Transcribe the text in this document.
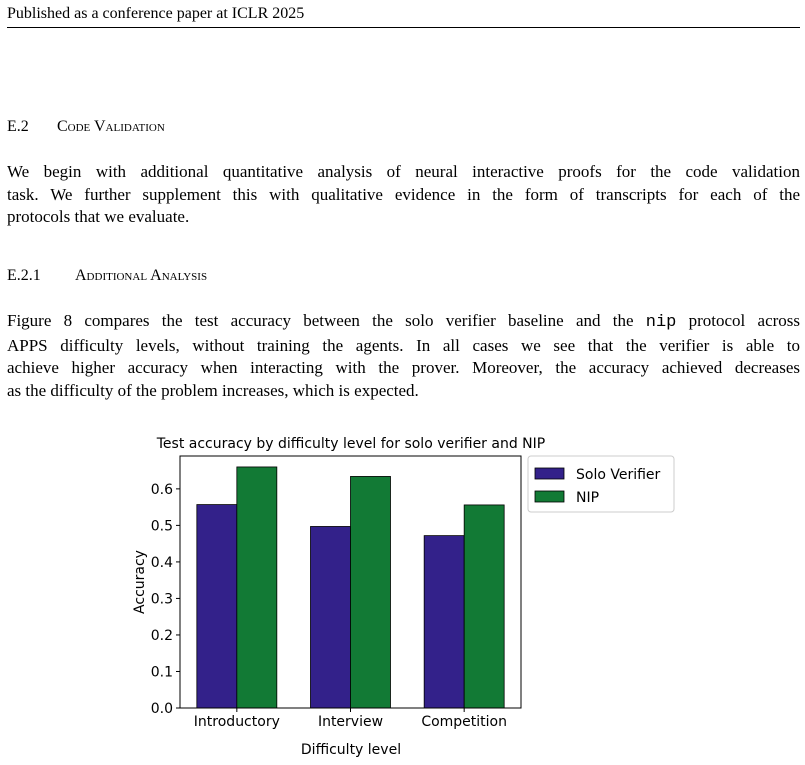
Published as a conference paper at ICLR 2025
E.2 Code Validation
We begin with additional quantitative analysis of neural interactive proofs for the code validation
task. We further supplement this with qualitative evidence in the form of transcripts for each of the
protocols that we evaluate.
E.2.1 Additional Analysis
Figure 8 compares the test accuracy between the solo verifier baseline and the nip protocol across
APPS difficulty levels, without training the agents. In all cases we see that the verifier is able to
achieve higher accuracy when interacting with the prover. Moreover, the accuracy achieved decreases
as the difficulty of the problem increases, which is expected.
Test accuracy by difficulty level for solo verifier and NIP
0.0
0.1
0.2
0.3
0.4
0.5
0.6
Introductory	Interview	Competition
Difficulty level
Accuracy
Solo Verifier
NIP
